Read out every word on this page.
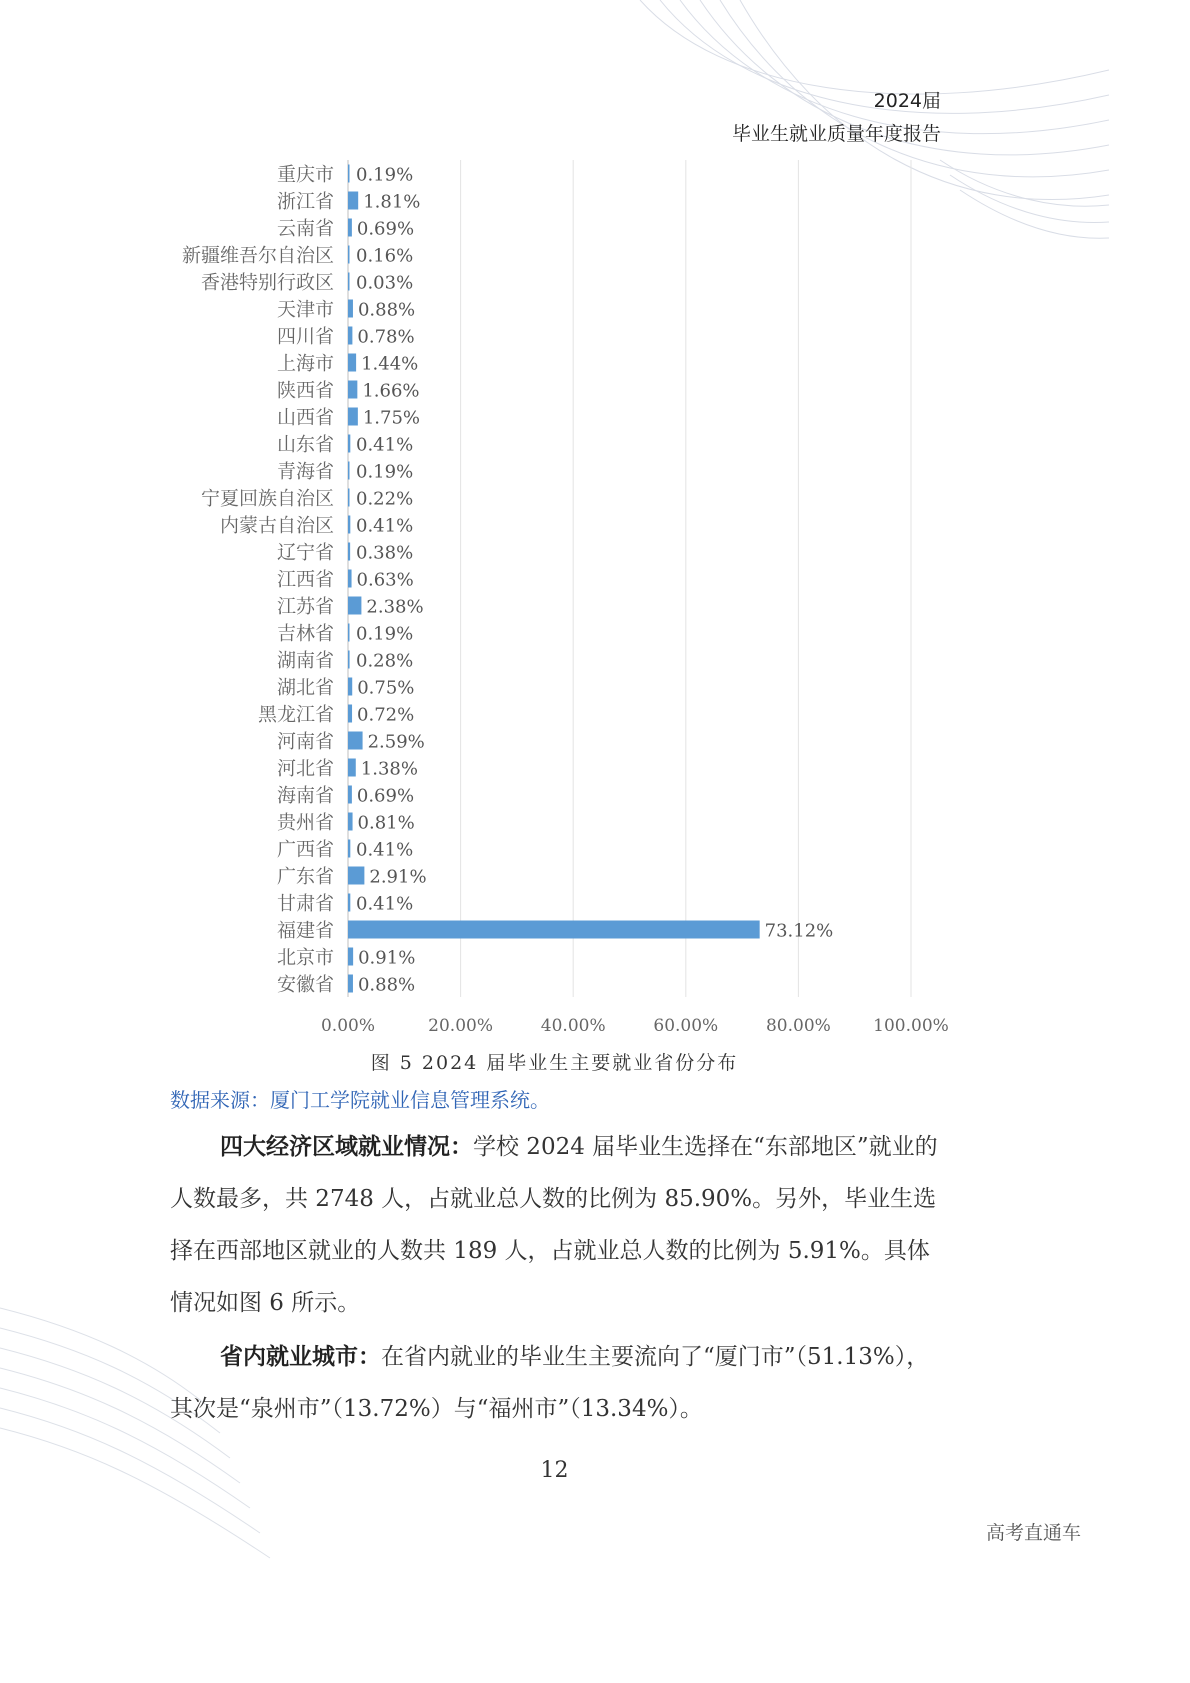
2024届
毕业生就业质量年度报告
0.00%	20.00%	40.00%	60.00%	80.00% 100.00%
重庆市 0.19%
浙江省 1.81%
云南省 0.69%
新疆维吾尔自治区 0.16%
香港特别行政区 0.03%
天津市 0.88%
四川省 0.78%
上海市 1.44%
陕西省 1.66%
山西省 1.75%
山东省 0.41%
青海省 0.19%
宁夏回族自治区 0.22%
内蒙古自治区 0.41%
辽宁省 0.38%
江西省 0.63%
江苏省 2.38%
吉林省 0.19%
湖南省 0.28%
湖北省 0.75%
黑龙江省 0.72%
河南省 2.59%
河北省 1.38%
海南省 0.69%
贵州省 0.81%
广西省 0.41%
广东省 2.91%
甘肃省 0.41%
福建省	73.12%
北京市 0.91%
安徽省 0.88%
图 5 2024 届毕业生主要就业省份分布
数据来源：厦门工学院就业信息管理系统。
四大经济区域就业情况：学校 2024 届毕业生选择在“东部地区”就业的人数最多，共 2748 人，占就业总人数的比例为 85.90%。另外，毕业生选择在西部地区就业的人数共 189 人，占就业总人数的比例为 5.91%。具体情况如图 6 所示。
省内就业城市：在省内就业的毕业生主要流向了“厦门市”（51.13%），其次是“泉州市”（13.72%）与“福州市”（13.34%）。
12
高考直通车
